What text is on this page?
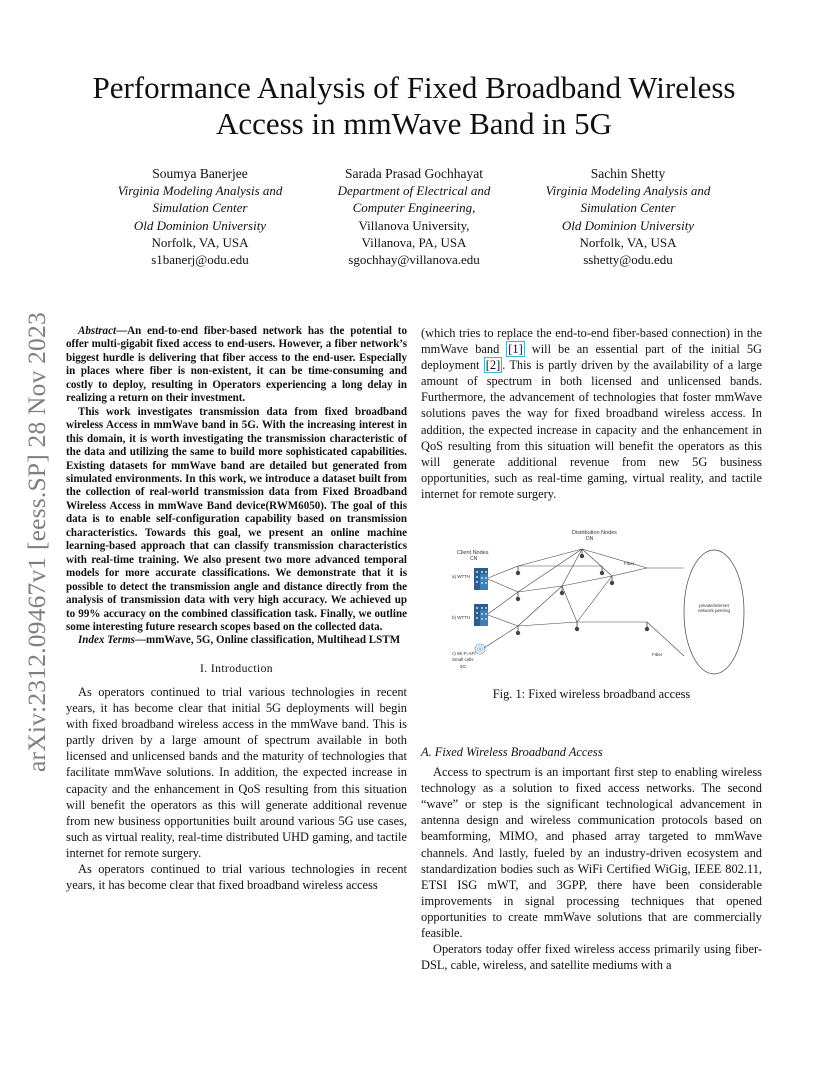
arXiv:2312.09467v1 [eess.SP] 28 Nov 2023
Performance Analysis of Fixed Broadband Wireless
Access in mmWave Band in 5G
Soumya Banerjee
Virginia Modeling Analysis and
Simulation Center
Old Dominion University
Norfolk, VA, USA
s1banerj@odu.edu
Sarada Prasad Gochhayat
Department of Electrical and
Computer Engineering,
Villanova University,
Villanova, PA, USA
sgochhay@villanova.edu
Sachin Shetty
Virginia Modeling Analysis and
Simulation Center
Old Dominion University
Norfolk, VA, USA
sshetty@odu.edu

Abstract—An end-to-end fiber-based network has the potential to offer multi-gigabit fixed access to end-users. However, a fiber network’s biggest hurdle is delivering that fiber access to the end-user. Especially in places where fiber is non-existent, it can be time-consuming and costly to deploy, resulting in Operators experiencing a long delay in realizing a return on their investment.

This work investigates transmission data from fixed broadband wireless Access in mmWave band in 5G. With the increasing interest in this domain, it is worth investigating the transmission characteristic of the data and utilizing the same to build more sophisticated capabilities. Existing datasets for mmWave band are detailed but generated from simulated environments. In this work, we introduce a dataset built from the collection of real-world transmission data from Fixed Broadband Wireless Access in mmWave Band device(RWM6050). The goal of this data is to enable self-configuration capability based on transmission characteristics. Towards this goal, we present an online machine learning-based approach that can classify transmission characteristics with real-time training. We also present two more advanced temporal models for more accurate classifications. We demonstrate that it is possible to detect the transmission angle and distance directly from the analysis of transmission data with very high accuracy. We achieved up to 99% accuracy on the combined classification task. Finally, we outline some interesting future research scopes based on the collected data.

Index Terms—mmWave, 5G, Online classification, Multihead LSTM

I. Introduction

As operators continued to trial various technologies in recent years, it has become clear that initial 5G deployments will begin with fixed broadband wireless access in the mmWave band. This is partly driven by a large amount of spectrum available in both licensed and unlicensed bands and the maturity of technologies that facilitate mmWave solutions. In addition, the expected increase in capacity and the enhancement in QoS resulting from this situation will benefit the operators as this will generate additional revenue from new business opportunities built around various 5G use cases, such as virtual reality, real-time distributed UHD gaming, and tactile internet for remote surgery.

As operators continued to trial various technologies in recent years, it has become clear that fixed broadband wireless access

(which tries to replace the end-to-end fiber-based connection) in the mmWave band [1] will be an essential part of the initial 5G deployment [2] . This is partly driven by the availability of a large amount of spectrum in both licensed and unlicensed bands. Furthermore, the advancement of technologies that foster mmWave solutions paves the way for fixed broadband wireless access. In addition, the expected increase in capacity and the enhancement in QoS resulting from this situation will benefit the operators as this will generate additional revenue from new 5G business opportunities, such as real-time gaming, virtual reality, and tactile internet for remote surgery.

Distribution Nodes
DN
Client Nodes
CN
a) WTTH
b) WTTH
c) Wi-Fi AP/
Small cells
5G
Fiber
Fiber
private/internet
network peering
Fig. 1: Fixed wireless broadband access
A. Fixed Wireless Broadband Access

Access to spectrum is an important first step to enabling wireless technology as a solution to fixed access networks. The second “wave” or step is the significant technological advancement in antenna design and wireless communication protocols based on beamforming, MIMO, and phased array targeted to mmWave channels. And lastly, fueled by an industry-driven ecosystem and standardization bodies such as WiFi Certified WiGig, IEEE 802.11, ETSI ISG mWT, and 3GPP, there have been considerable improvements in signal processing techniques that opened opportunities to create mmWave solutions that are commercially feasible.

Operators today offer fixed wireless access primarily using fiber-DSL, cable, wireless, and satellite mediums with a
